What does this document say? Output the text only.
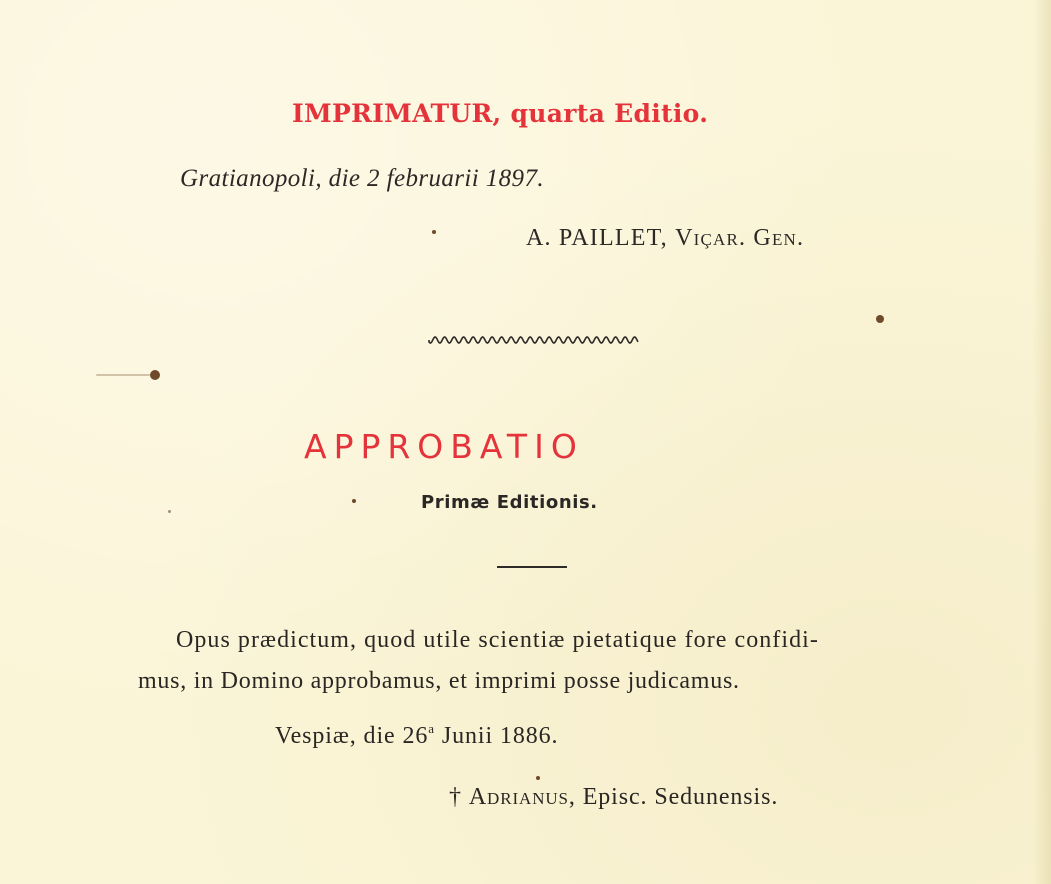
IMPRIMATUR, quarta Editio.
Gratianopoli, die 2 februarii 1897.
A. PAILLET, Viçar. Gen.
APPROBATIO
Primæ Editionis.
Opus prædictum, quod utile scientiæ pietatique fore confidi-
mus, in Domino approbamus, et imprimi posse judicamus.
Vespiæ, die 26$^a$ Junii 1886.
† Adrianus, Episc. Sedunensis.
